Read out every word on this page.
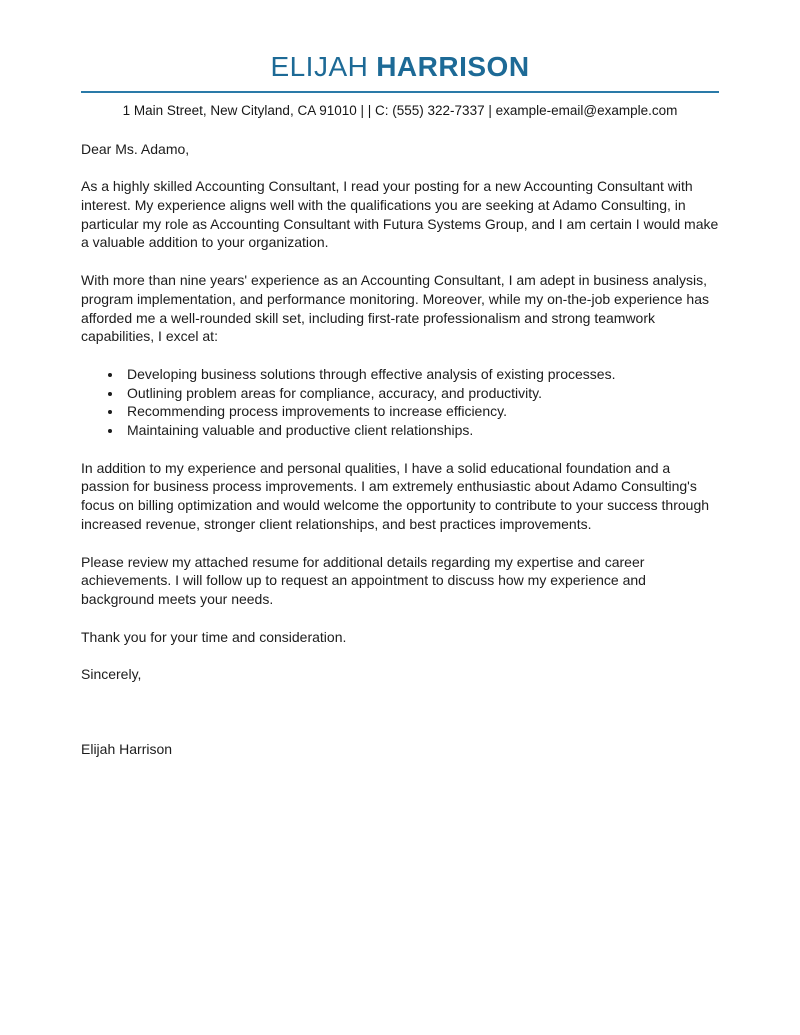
ELIJAH HARRISON
1 Main Street, New Cityland, CA 91010 | | C: (555) 322-7337 | example-email@example.com

Dear Ms. Adamo,

As a highly skilled Accounting Consultant, I read your posting for a new Accounting Consultant with interest. My experience aligns well with the qualifications you are seeking at Adamo Consulting, in particular my role as Accounting Consultant with Futura Systems Group, and I am certain I would make a valuable addition to your organization.

With more than nine years' experience as an Accounting Consultant, I am adept in business analysis, program implementation, and performance monitoring. Moreover, while my on-the-job experience has afforded me a well-rounded skill set, including first-rate professionalism and strong teamwork capabilities, I excel at:

• Developing business solutions through effective analysis of existing processes.
• Outlining problem areas for compliance, accuracy, and productivity.
• Recommending process improvements to increase efficiency.
• Maintaining valuable and productive client relationships.

In addition to my experience and personal qualities, I have a solid educational foundation and a passion for business process improvements. I am extremely enthusiastic about Adamo Consulting's focus on billing optimization and would welcome the opportunity to contribute to your success through increased revenue, stronger client relationships, and best practices improvements.

Please review my attached resume for additional details regarding my expertise and career achievements. I will follow up to request an appointment to discuss how my experience and background meets your needs.

Thank you for your time and consideration.

Sincerely,

Elijah Harrison
